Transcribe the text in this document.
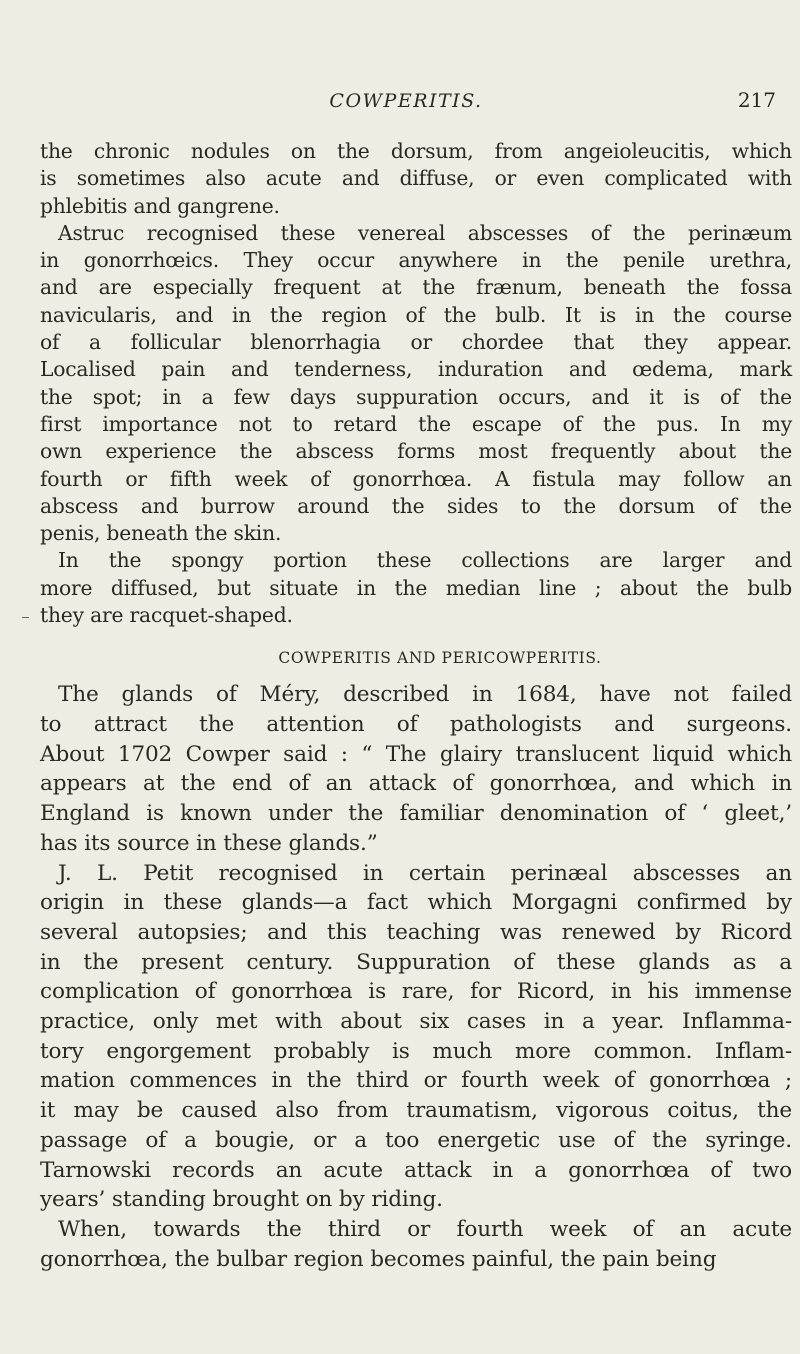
COWPERITIS.	217
the chronic nodules on the dorsum, from angeioleucitis, which
is sometimes also acute and diffuse, or even complicated with
phlebitis and gangrene.
Astruc recognised these venereal abscesses of the perinæum
in gonorrhœics. They occur anywhere in the penile urethra,
and are especially frequent at the frænum, beneath the fossa
navicularis, and in the region of the bulb. It is in the course
of a follicular blenorrhagia or chordee that they appear.
Localised pain and tenderness, induration and œdema, mark
the spot; in a few days suppuration occurs, and it is of the
first importance not to retard the escape of the pus. In my
own experience the abscess forms most frequently about the
fourth or fifth week of gonorrhœa. A fistula may follow an
abscess and burrow around the sides to the dorsum of the
penis, beneath the skin.
In the spongy portion these collections are larger and
more diffused, but situate in the median line ; about the bulb
they are racquet-shaped.
COWPERITIS AND PERICOWPERITIS.
The glands of Méry, described in 1684, have not failed
to attract the attention of pathologists and surgeons.
About 1702 Cowper said : “ The glairy translucent liquid which
appears at the end of an attack of gonorrhœa, and which in
England is known under the familiar denomination of ‘ gleet,’
has its source in these glands.”
J. L. Petit recognised in certain perinæal abscesses an
origin in these glands—a fact which Morgagni confirmed by
several autopsies; and this teaching was renewed by Ricord
in the present century. Suppuration of these glands as a
complication of gonorrhœa is rare, for Ricord, in his immense
practice, only met with about six cases in a year. Inflamma-
tory engorgement probably is much more common. Inflam-
mation commences in the third or fourth week of gonorrhœa ;
it may be caused also from traumatism, vigorous coitus, the
passage of a bougie, or a too energetic use of the syringe.
Tarnowski records an acute attack in a gonorrhœa of two
years’ standing brought on by riding.
When, towards the third or fourth week of an acute
gonorrhœa, the bulbar region becomes painful, the pain being
